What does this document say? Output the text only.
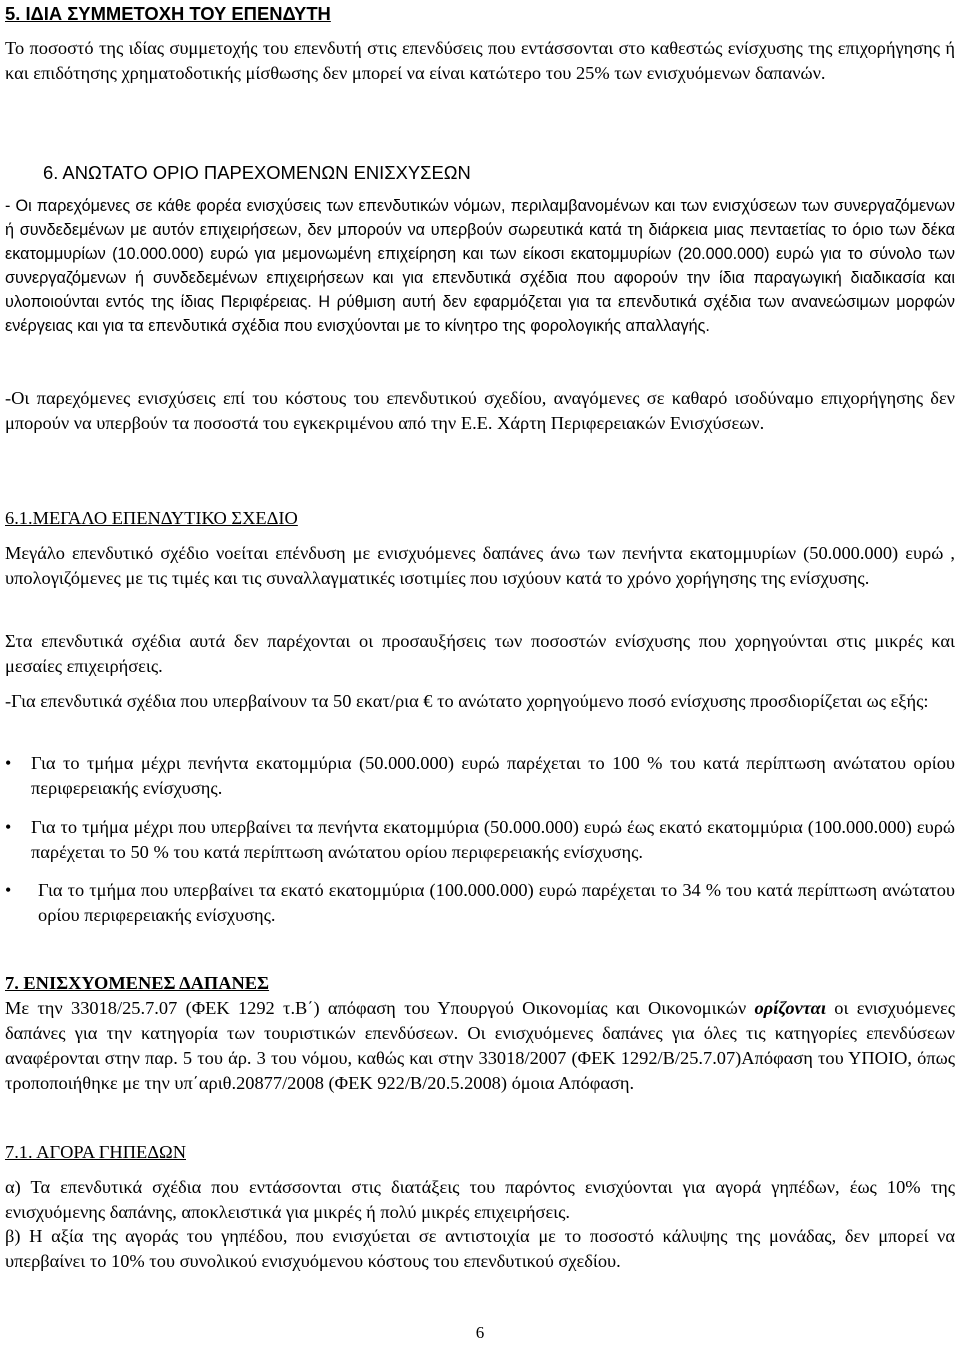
5. ΙΔΙΑ ΣΥΜΜΕΤΟΧΗ ΤΟΥ ΕΠΕΝΔΥΤΗ

Το ποσοστό της ιδίας συμμετοχής του επενδυτή στις επενδύσεις που εντάσσονται στο καθεστώς ενίσχυσης της επιχορήγησης ή και επιδότησης χρηματοδοτικής μίσθωσης δεν μπορεί να είναι κατώτερο του 25% των ενισχυόμενων δαπανών.

6. ΑΝΩΤΑΤΟ ΟΡΙΟ ΠΑΡΕΧΟΜΕΝΩΝ ΕΝΙΣΧΥΣΕΩΝ

- Οι παρεχόμενες σε κάθε φορέα ενισχύσεις των επενδυτικών νόμων, περιλαμβανομένων και των ενισχύσεων των συνεργαζόμενων ή συνδεδεμένων με αυτόν επιχειρήσεων, δεν μπορούν να υπερβούν σωρευτικά κατά τη διάρκεια μιας πενταετίας το όριο των δέκα εκατομμυρίων (10.000.000) ευρώ για μεμονωμένη επιχείρηση και των είκοσι εκατομμυρίων (20.000.000) ευρώ για το σύνολο των συνεργαζόμενων ή συνδεδεμένων επιχειρήσεων και για επενδυτικά σχέδια που αφορούν την ίδια παραγωγική διαδικασία και υλοποιούνται εντός της ίδιας Περιφέρειας. Η ρύθμιση αυτή δεν εφαρμόζεται για τα επενδυτικά σχέδια των ανανεώσιμων μορφών ενέργειας και για τα επενδυτικά σχέδια που ενισχύονται με το κίνητρο της φορολογικής απαλλαγής.

-Οι παρεχόμενες ενισχύσεις επί του κόστους του επενδυτικού σχεδίου, αναγόμενες σε καθαρό ισοδύναμο επιχορήγησης δεν μπορούν να υπερβούν τα ποσοστά του εγκεκριμένου από την Ε.Ε. Χάρτη Περιφερειακών Ενισχύσεων.

6.1.ΜΕΓΑΛΟ ΕΠΕΝΔΥΤΙΚΟ ΣΧΕΔΙΟ

Μεγάλο επενδυτικό σχέδιο νοείται επένδυση με ενισχυόμενες δαπάνες άνω των πενήντα εκατομμυρίων (50.000.000) ευρώ , υπολογιζόμενες με τις τιμές και τις συναλλαγματικές ισοτιμίες που ισχύουν κατά το χρόνο χορήγησης της ενίσχυσης.

Στα επενδυτικά σχέδια αυτά δεν παρέχονται οι προσαυξήσεις των ποσοστών ενίσχυσης που χορηγούνται στις μικρές και μεσαίες επιχειρήσεις.

-Για επενδυτικά σχέδια που υπερβαίνουν τα 50 εκατ/ρια € το ανώτατο χορηγούμενο ποσό ενίσχυσης προσδιορίζεται ως εξής:

• Για το τμήμα μέχρι πενήντα εκατομμύρια (50.000.000) ευρώ παρέχεται το 100 % του κατά περίπτωση ανώτατου ορίου περιφερειακής ενίσχυσης.

• Για το τμήμα μέχρι που υπερβαίνει τα πενήντα εκατομμύρια (50.000.000) ευρώ έως εκατό εκατομμύρια (100.000.000) ευρώ παρέχεται το 50 % του κατά περίπτωση ανώτατου ορίου περιφερειακής ενίσχυσης.

• Για το τμήμα που υπερβαίνει τα εκατό εκατομμύρια (100.000.000) ευρώ παρέχεται το 34 % του κατά περίπτωση ανώτατου ορίου περιφερειακής ενίσχυσης.

7. ΕΝΙΣΧΥΟΜΕΝΕΣ ΔΑΠΑΝΕΣ

Με την 33018/25.7.07 (ΦΕΚ 1292 τ.Β΄) απόφαση του Υπουργού Οικονομίας και Οικονομικών ορίζονται οι ενισχυόμενες δαπάνες για την κατηγορία των τουριστικών επενδύσεων. Οι ενισχυόμενες δαπάνες για όλες τις κατηγορίες επενδύσεων αναφέρονται στην παρ. 5 του άρ. 3 του νόμου, καθώς και στην 33018/2007 (ΦΕΚ 1292/Β/25.7.07)Απόφαση του ΥΠΟΙΟ, όπως τροποποιήθηκε με την υπ΄αριθ.20877/2008 (ΦΕΚ 922/Β/20.5.2008) όμοια Απόφαση.

7.1. ΑΓΟΡΑ ΓΗΠΕΔΩΝ

α) Τα επενδυτικά σχέδια που εντάσσονται στις διατάξεις του παρόντος ενισχύονται για αγορά γηπέδων, έως 10% της ενισχυόμενης δαπάνης, αποκλειστικά για μικρές ή πολύ μικρές επιχειρήσεις.

β) Η αξία της αγοράς του γηπέδου, που ενισχύεται σε αντιστοιχία με το ποσοστό κάλυψης της μονάδας, δεν μπορεί να υπερβαίνει το 10% του συνολικού ενισχυόμενου κόστους του επενδυτικού σχεδίου.

6
